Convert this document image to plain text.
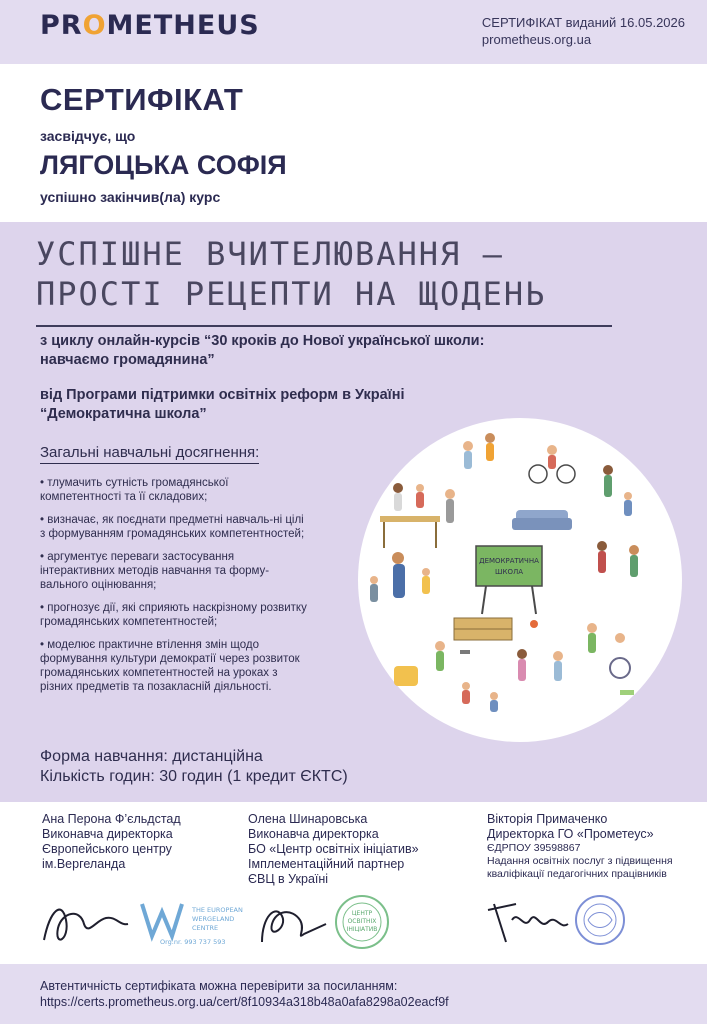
PROMETHEUS	СЕРТИФІКАТ виданий 16.05.2026
prometheus.org.ua
СЕРТИФІКАТ
засвідчує, що
ЛЯГОЦЬКА СОФІЯ
успішно закінчив(ла) курс
УСПІШНЕ ВЧИТЕЛЮВАННЯ –
ПРОСТІ РЕЦЕПТИ НА ЩОДЕНЬ
з циклу онлайн-курсів “30 кроків до Нової української школи:
навчаємо громадянина”
від Програми підтримки освітніх реформ в Україні
“Демократична школа”
Загальні навчальні досягнення:
• тлумачить сутність громадянської компетентності та її складових;
• визначає, як поєднати предметні навчаль-ні цілі з формуванням громадянських компетентностей;
• аргументує переваги застосування інтерактивних методів навчання та форму-вального оцінювання;
• прогнозує дії, які сприяють наскрізному розвитку громадянських компетентностей;
• моделює практичне втілення змін щодо формування культури демократії через розвиток громадянських компетентностей на уроках з різних предметів та позакласній діяльності.
Форма навчання: дистанційна
Кількість годин: 30 годин (1 кредит ЄКТС)
ДЕМОКРАТИЧНА
ШКОЛА
Ана Перона Ф’єльдстад
Виконавча директорка
Європейського центру
ім.Вергеланда
Олена Шинаровська
Виконавча директорка
БО «Центр освітніх ініціатив»
Імплементаційний партнер
ЄВЦ в Україні
Вікторія Примаченко
Директорка ГО «Прометеус»
ЄДРПОУ 39598867
Надання освітніх послуг з підвищення
кваліфікації педагогічних працівників
THE EUROPEAN
WERGELAND
CENTRE
Org.nr. 993 737 593
ЦЕНТР
ОСВІТНІХ
ІНІЦІАТИВ
Автентичність сертифіката можна перевірити за посиланням:
https://certs.prometheus.org.ua/cert/8f10934a318b48a0afa8298a02eacf9f
